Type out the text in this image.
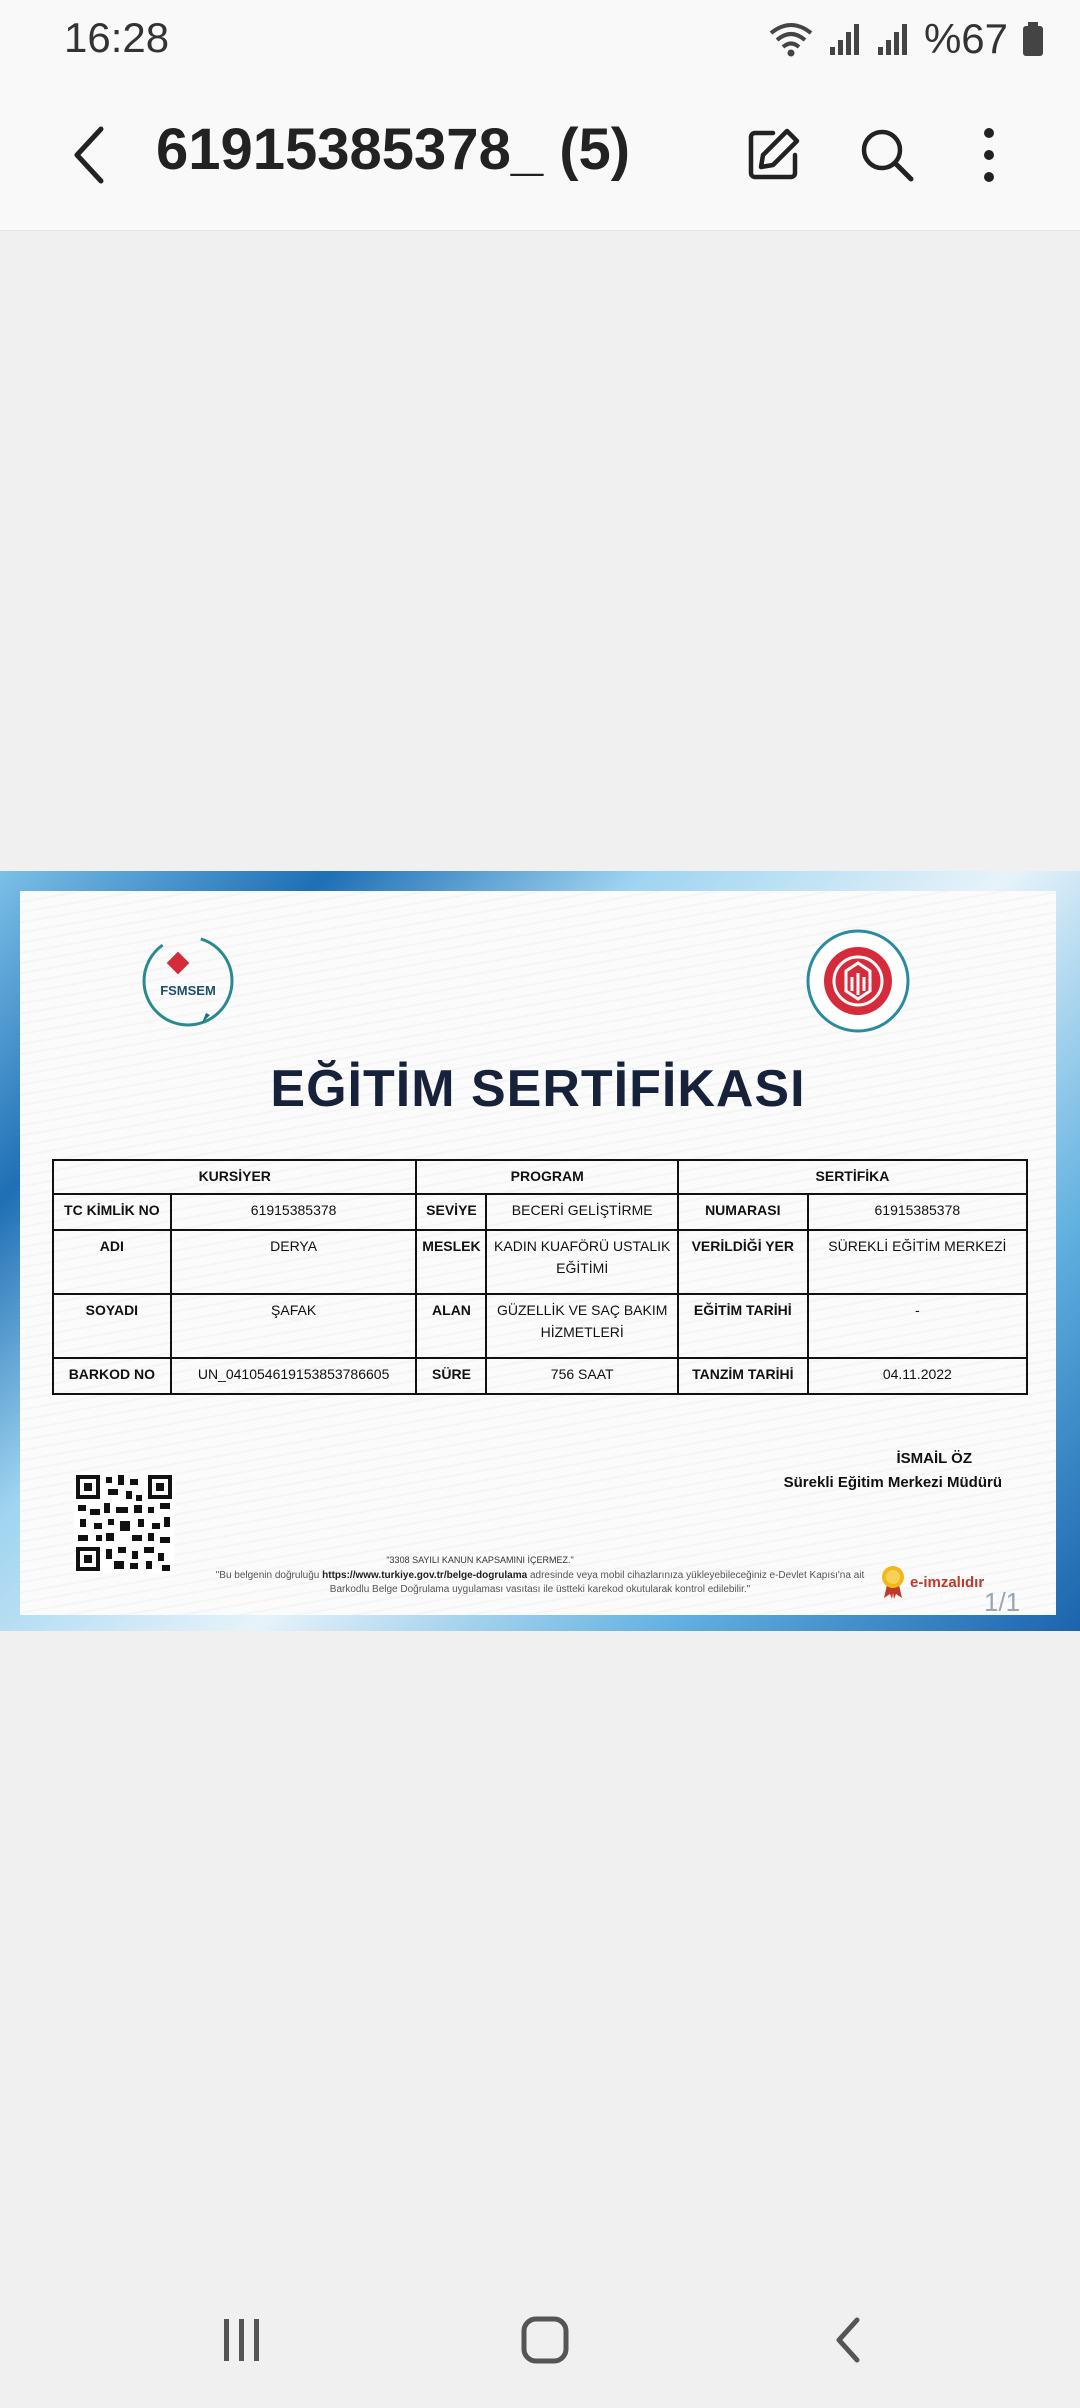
16:28	%67
61915385378_ (5)
FSMSEM
EĞİTİM SERTİFİKASI
KURSİYER		PROGRAM		SERTİFİKA	
TC KİMLİK NO	61915385378	SEVİYE	BECERİ GELİŞTİRME	NUMARASI	61915385378
ADI	DERYA	MESLEK	KADIN KUAFÖRÜ USTALIK EĞİTİMİ	VERİLDİĞİ YER	SÜREKLİ EĞİTİM MERKEZİ
SOYADI	ŞAFAK	ALAN	GÜZELLİK VE SAÇ BAKIM HİZMETLERİ	EĞİTİM TARİHİ	-
BARKOD NO	UN_041054619153853786605	SÜRE	756 SAAT	TANZİM TARİHİ	04.11.2022
İSMAİL ÖZ
Sürekli Eğitim Merkezi Müdürü
"3308 SAYILI KANUN KAPSAMINI İÇERMEZ."
"Bu belgenin doğruluğu https://www.turkiye.gov.tr/belge-dogrulama adresinde veya mobil cihazlarınıza yükleyebileceğiniz e-Devlet Kapısı'na ait Barkodlu Belge Doğrulama uygulaması vasıtası ile üstteki karekod okutularak kontrol edilebilir."	e-imzalıdır
1/1
